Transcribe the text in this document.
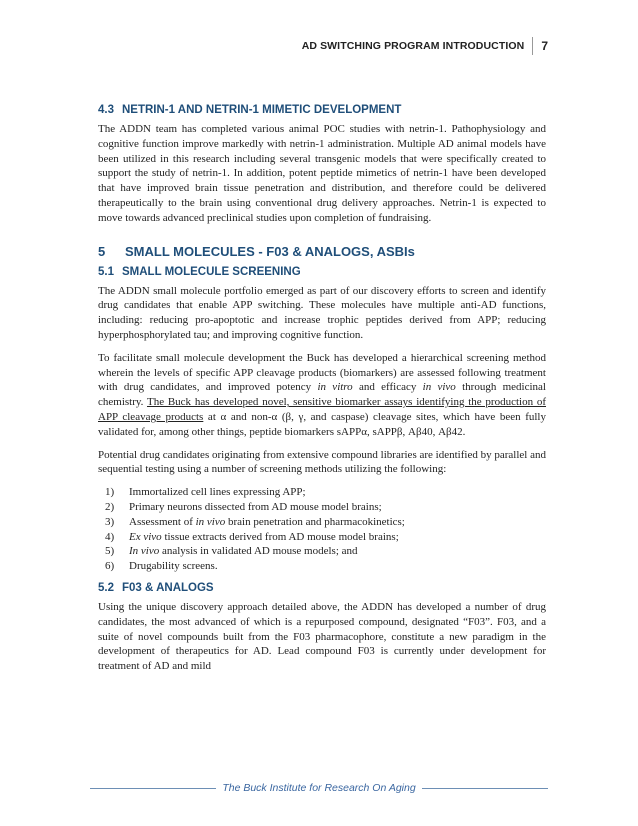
AD SWITCHING PROGRAM INTRODUCTION	7
4.3 NETRIN-1 AND NETRIN-1 MIMETIC DEVELOPMENT

The ADDN team has completed various animal POC studies with netrin-1. Pathophysiology and cognitive function improve markedly with netrin-1 administration. Multiple AD animal models have been utilized in this research including several transgenic models that were specifically created to support the study of netrin-1. In addition, potent peptide mimetics of netrin-1 have been developed that have improved brain tissue penetration and distribution, and therefore could be delivered therapeutically to the brain using conventional drug delivery approaches. Netrin-1 is expected to move towards advanced preclinical studies upon completion of fundraising.

5 SMALL MOLECULES - F03 & ANALOGS, ASBIs
5.1 SMALL MOLECULE SCREENING

The ADDN small molecule portfolio emerged as part of our discovery efforts to screen and identify drug candidates that enable APP switching. These molecules have multiple anti-AD functions, including: reducing pro-apoptotic and increase trophic peptides derived from APP; reducing hyperphosphorylated tau; and improving cognitive function.

To facilitate small molecule development the Buck has developed a hierarchical screening method wherein the levels of specific APP cleavage products (biomarkers) are assessed following treatment with drug candidates, and improved potency in vitro and efficacy in vivo through medicinal chemistry. The Buck has developed novel, sensitive biomarker assays identifying the production of APP cleavage products at α and non-α (β, γ, and caspase) cleavage sites, which have been fully validated for, among other things, peptide biomarkers sAPPα, sAPPβ, Aβ40, Aβ42.

Potential drug candidates originating from extensive compound libraries are identified by parallel and sequential testing using a number of screening methods utilizing the following:

1)	Immortalized cell lines expressing APP;
2)	Primary neurons dissected from AD mouse model brains;
3)	Assessment of in vivo brain penetration and pharmacokinetics;
4)	Ex vivo tissue extracts derived from AD mouse model brains;
5)	In vivo analysis in validated AD mouse models; and
6)	Drugability screens.
5.2 F03 & ANALOGS

Using the unique discovery approach detailed above, the ADDN has developed a number of drug candidates, the most advanced of which is a repurposed compound, designated “F03”. F03, and a suite of novel compounds built from the F03 pharmacophore, constitute a new paradigm in the development of therapeutics for AD. Lead compound F03 is currently under development for treatment of AD and mild

The Buck Institute for Research On Aging
